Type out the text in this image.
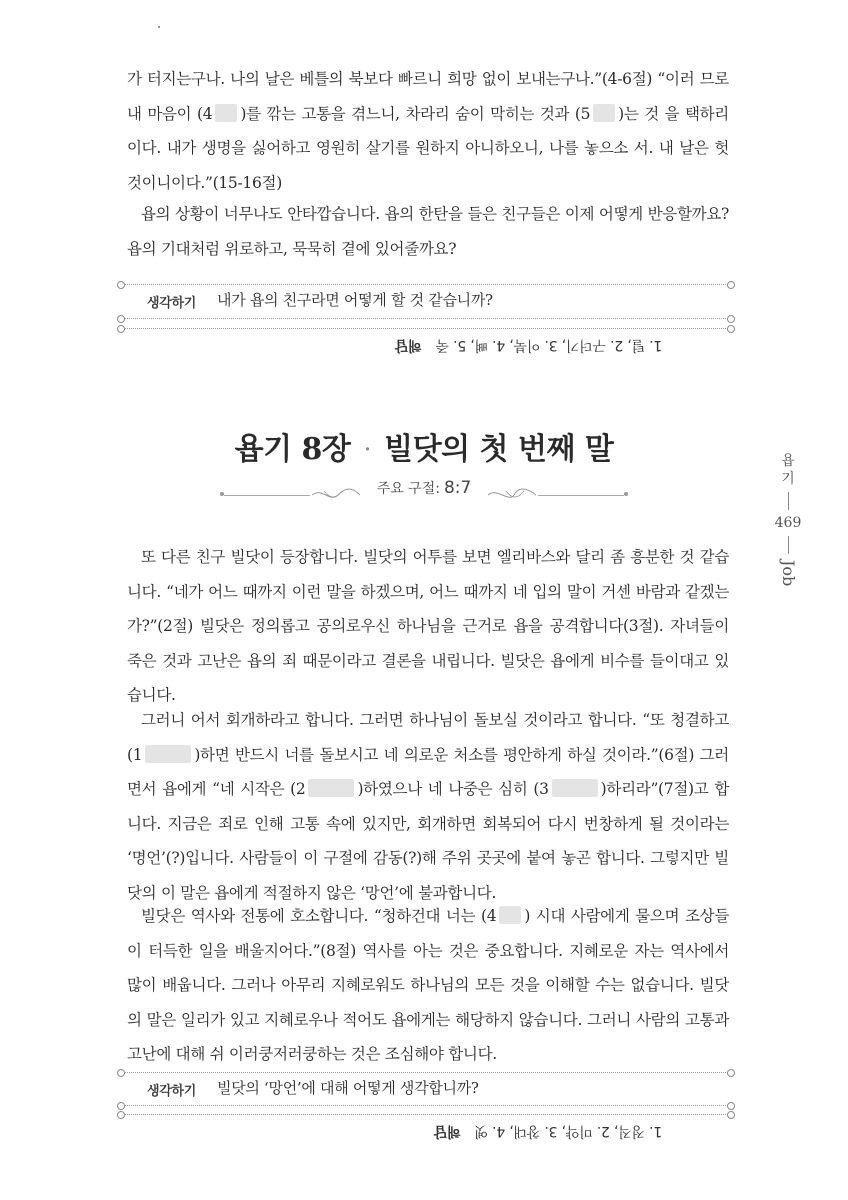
가 터지는구나. 나의 날은 베틀의 북보다 빠르니 희망 없이 보내는구나.”(4-6절) “이러 므로 내 마음이 (4 )를 깎는 고통을 겪느니, 차라리 숨이 막히는 것과 (5 )는 것 을 택하리이다. 내가 생명을 싫어하고 영원히 살기를 원하지 아니하오니, 나를 놓으소 서. 내 날은 헛 것이니이다.”(15-16절)

욥의 상황이 너무나도 안타깝습니다. 욥의 한탄을 들은 친구들은 이제 어떻게 반응할까요? 욥의 기대처럼 위로하고, 묵묵히 곁에 있어줄까요?

생각하기 내가 욥의 친구라면 어떻게 할 것 같습니까?
1. 털, 2. 구더기, 3. 이북, 4. 뼈, 5. 죽해답
욥기 8장 · 빌닷의 첫 번째 말
주요 구절: 8:7
욥
기
469
Job

또 다른 친구 빌닷이 등장합니다. 빌닷의 어투를 보면 엘리바스와 달리 좀 흥분한 것 같습니다. “네가 어느 때까지 이런 말을 하겠으며, 어느 때까지 네 입의 말이 거센 바람과 같겠는가?”(2절) 빌닷은 정의롭고 공의로우신 하나님을 근거로 욥을 공격합니다(3절). 자녀들이 죽은 것과 고난은 욥의 죄 때문이라고 결론을 내립니다. 빌닷은 욥에게 비수를 들이대고 있습니다.

그러니 어서 회개하라고 합니다. 그러면 하나님이 돌보실 것이라고 합니다. “또 청결하고 (1	)하면 반드시 너를 돌보시고 네 의로운 처소를 평안하게 하실 것이라.”(6절) 그러면서 욥에게 “네 시작은 (2	)하였으나 네 나중은 심히 (3	)하리라”(7절)고 합니다. 지금은 죄로 인해 고통 속에 있지만, 회개하면 회복되어 다시 번창하게 될 것이라는 ‘명언’(?)입니다. 사람들이 이 구절에 감동(?)해 주위 곳곳에 붙여 놓곤 합니다. 그렇지만 빌닷의 이 말은 욥에게 적절하지 않은 ‘망언’에 불과합니다.

빌닷은 역사와 전통에 호소합니다. “청하건대 너는 (4 ) 시대 사람에게 물으며 조상들이 터득한 일을 배울지어다.”(8절) 역사를 아는 것은 중요합니다. 지혜로운 자는 역사에서 많이 배웁니다. 그러나 아무리 지혜로워도 하나님의 모든 것을 이해할 수는 없습니다. 빌닷의 말은 일리가 있고 지혜로우나 적어도 욥에게는 해당하지 않습니다. 그러니 사람의 고통과 고난에 대해 쉬 이러쿵저러쿵하는 것은 조심해야 합니다.

생각하기 빌닷의 ‘망언’에 대해 어떻게 생각합니까?
1. 정직, 2. 미약, 3. 창대, 4. 옛해답
